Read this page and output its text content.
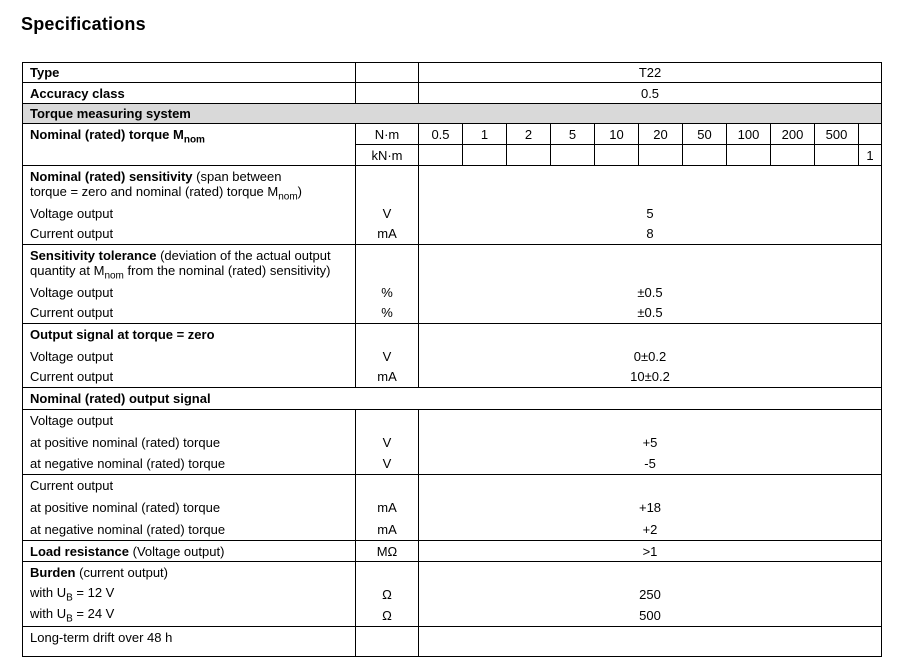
Specifications
Type		T22										
Accuracy class		0.5										
Torque measuring system												
Nominal (rated) torque $M_{nom}$	N·m	0.5	1	2	5	10	20	50	100	200	500	
	kN·m											1
Nominal (rated) sensitivity (span between
torque = zero and nominal (rated) torque $M_{nom}$)												
Voltage output	V	5										
Current output	mA	8										
Sensitivity tolerance (deviation of the actual output
quantity at $M_{nom}$ from the nominal (rated) sensitivity)												
Voltage output	%	±0.5										
Current output	%	±0.5										
Output signal at torque = zero												
Voltage output	V	0±0.2										
Current output	mA	10±0.2										
Nominal (rated) output signal												
Voltage output												
at positive nominal (rated) torque	V	+5										
at negative nominal (rated) torque	V	-5										
Current output												
at positive nominal (rated) torque	mA	+18										
at negative nominal (rated) torque	mA	+2										
Load resistance (Voltage output)	MΩ	>1										
Burden (current output)												
with $U_B = 12$ V	Ω	250										
with $U_B = 24$ V	Ω	500										
Long-term drift over 48 h												
